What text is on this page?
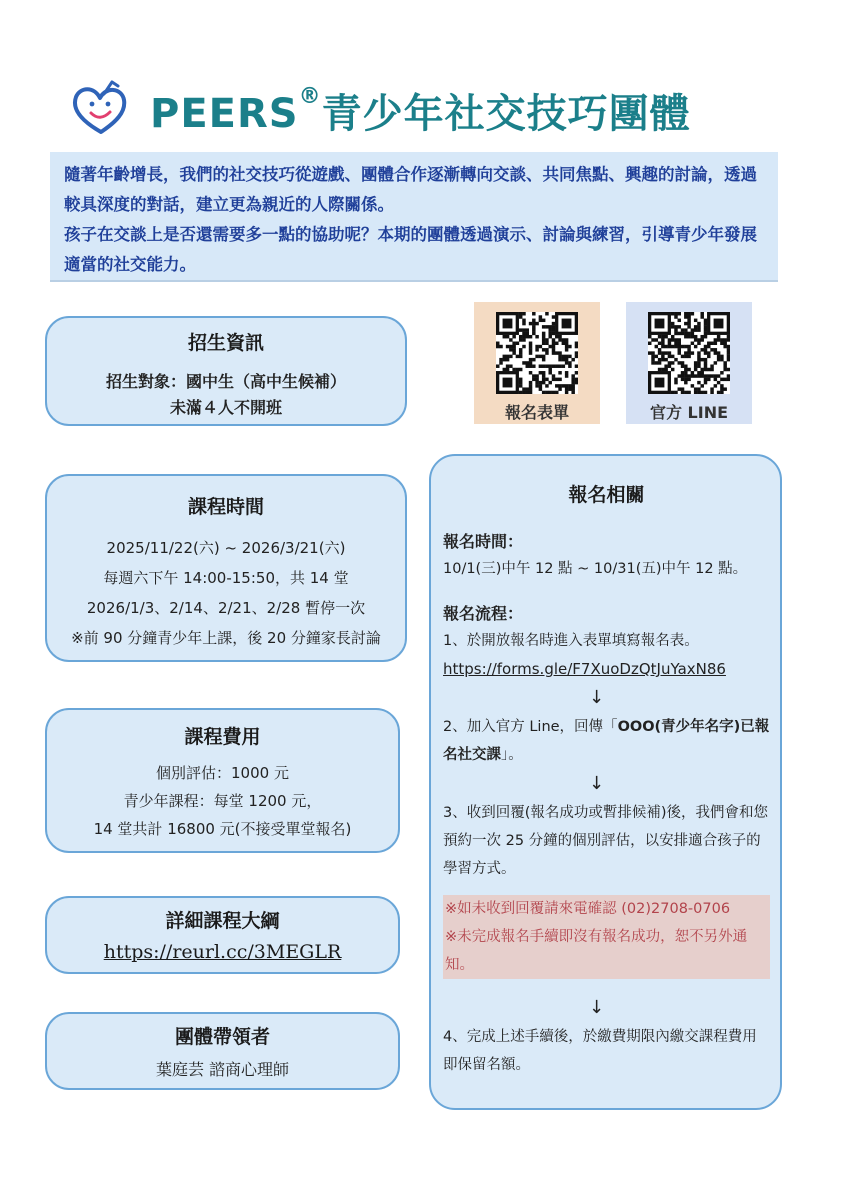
PEERS®青少年社交技巧團體

隨著年齡增長，我們的社交技巧從遊戲、團體合作逐漸轉向交談、共同焦點、興趣的討論，透過較具深度的對話，建立更為親近的人際關係。

孩子在交談上是否還需要多一點的協助呢？本期的團體透過演示、討論與練習，引導青少年發展適當的社交能力。

招生資訊
招生對象：國中生（高中生候補）
未滿４人不開班
課程時間
2025/11/22(六) ~ 2026/3/21(六)
每週六下午 14:00-15:50，共 14 堂
2026/1/3、2/14、2/21、2/28 暫停一次
※前 90 分鐘青少年上課，後 20 分鐘家長討論
課程費用
個別評估：1000 元
青少年課程：每堂 1200 元，
14 堂共計 16800 元(不接受單堂報名)
詳細課程大綱
https://reurl.cc/3MEGLR
團體帶領者
葉庭芸 諮商心理師
報名表單	官方 LINE
報名相關
報名時間：
10/1(三)中午 12 點 ~ 10/31(五)中午 12 點。
報名流程：
1、於開放報名時進入表單填寫報名表。
https://forms.gle/F7XuoDzQtJuYaxN86
↓
2、加入官方 Line，回傳「OOO(青少年名字)已報名社交課」。
↓
3、收到回覆(報名成功或暫排候補)後，我們會和您預約一次 25 分鐘的個別評估，以安排適合孩子的學習方式。
※如未收到回覆請來電確認 (02)2708-0706
※未完成報名手續即沒有報名成功，恕不另外通知。
↓
4、完成上述手續後，於繳費期限內繳交課程費用即保留名額。
